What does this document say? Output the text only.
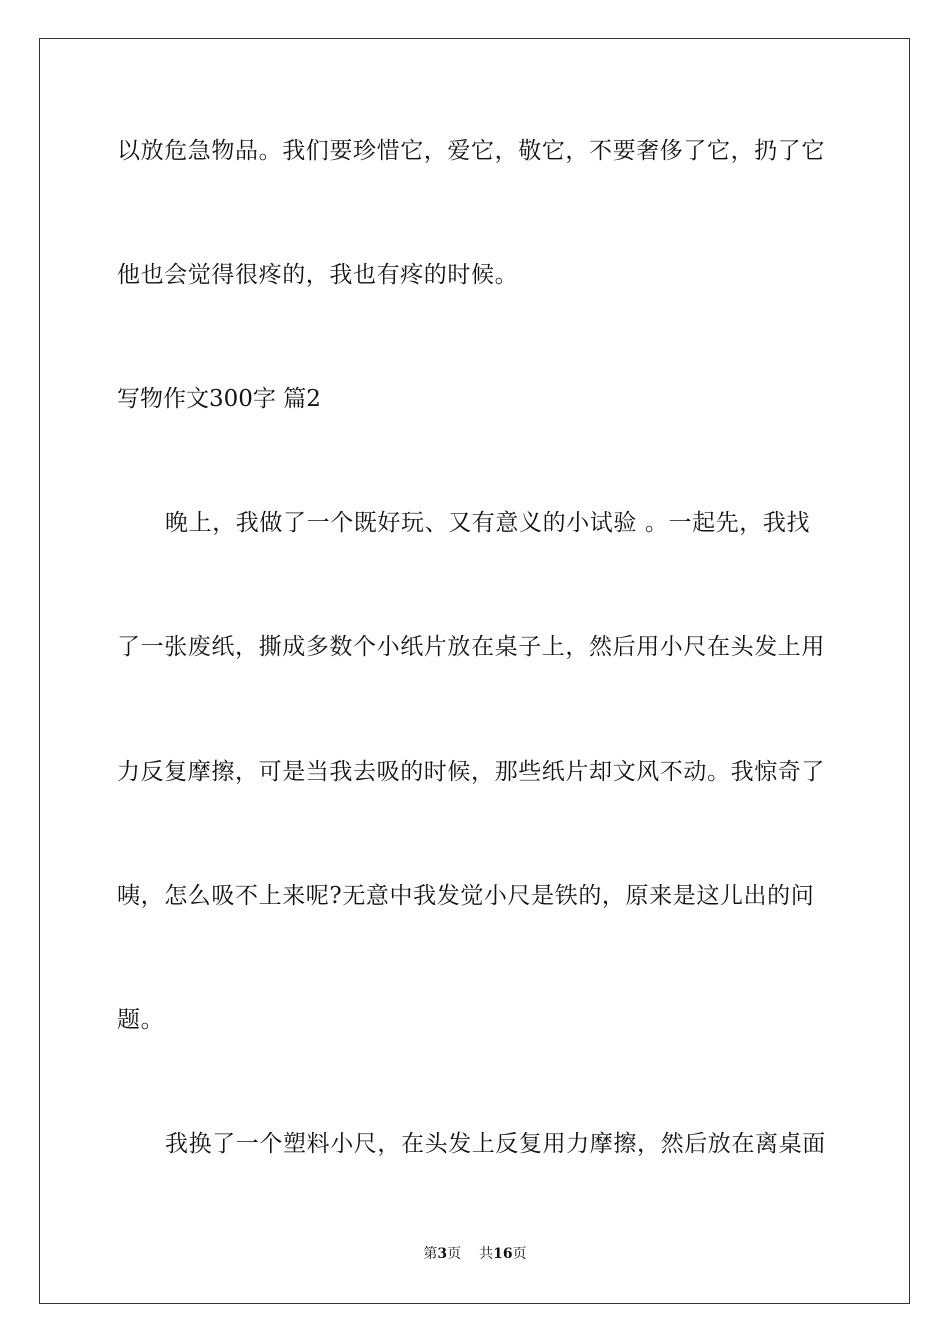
以放危急物品。我们要珍惜它，爱它，敬它，不要奢侈了它，扔了它
他也会觉得很疼的，我也有疼的时候。
写物作文300字 篇2
晚上，我做了一个既好玩、又有意义的小试验 。一起先，我找
了一张废纸，撕成多数个小纸片放在桌子上，然后用小尺在头发上用
力反复摩擦，可是当我去吸的时候，那些纸片却文风不动。我惊奇了
咦，怎么吸不上来呢?无意中我发觉小尺是铁的，原来是这儿出的问
题。
我换了一个塑料小尺，在头发上反复用力摩擦，然后放在离桌面
第3页 共16页
